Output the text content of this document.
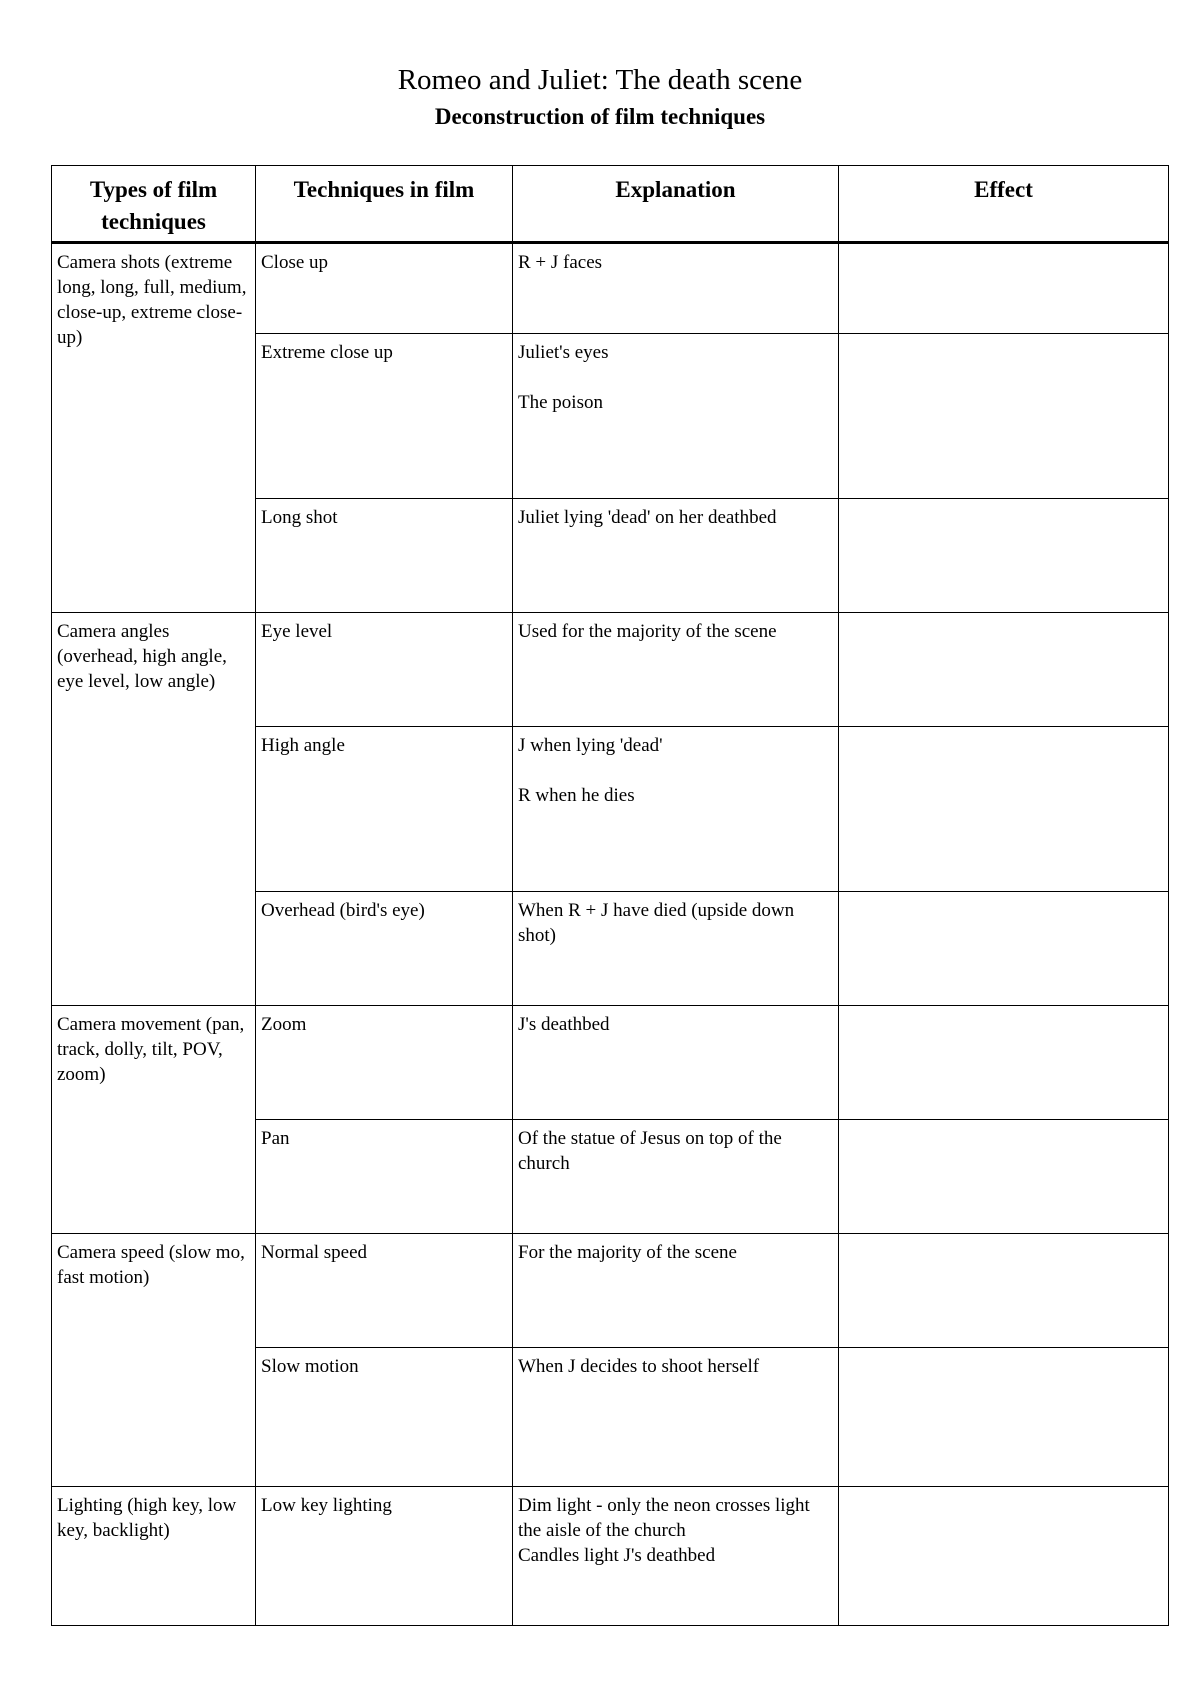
Romeo and Juliet: The death scene
Deconstruction of film techniques
Types of film techniques	Techniques in film	Explanation	Effect
Camera shots (extreme long, long, full, medium, close-up, extreme close-up)	Close up	R + J faces	
	Extreme close up	Juliet's eyes

The poison	
	Long shot	Juliet lying 'dead' on her deathbed	
Camera angles (overhead, high angle, eye level, low angle)	Eye level	Used for the majority of the scene	
	High angle	J when lying 'dead'

R when he dies	
	Overhead (bird's eye)	When R + J have died (upside down shot)	
Camera movement (pan, track, dolly, tilt, POV, zoom)	Zoom	J's deathbed	
	Pan	Of the statue of Jesus on top of the church	
Camera speed (slow mo, fast motion)	Normal speed	For the majority of the scene	
	Slow motion	When J decides to shoot herself	
Lighting (high key, low key, backlight)	Low key lighting	Dim light - only the neon crosses light the aisle of the church
Candles light J's deathbed	
